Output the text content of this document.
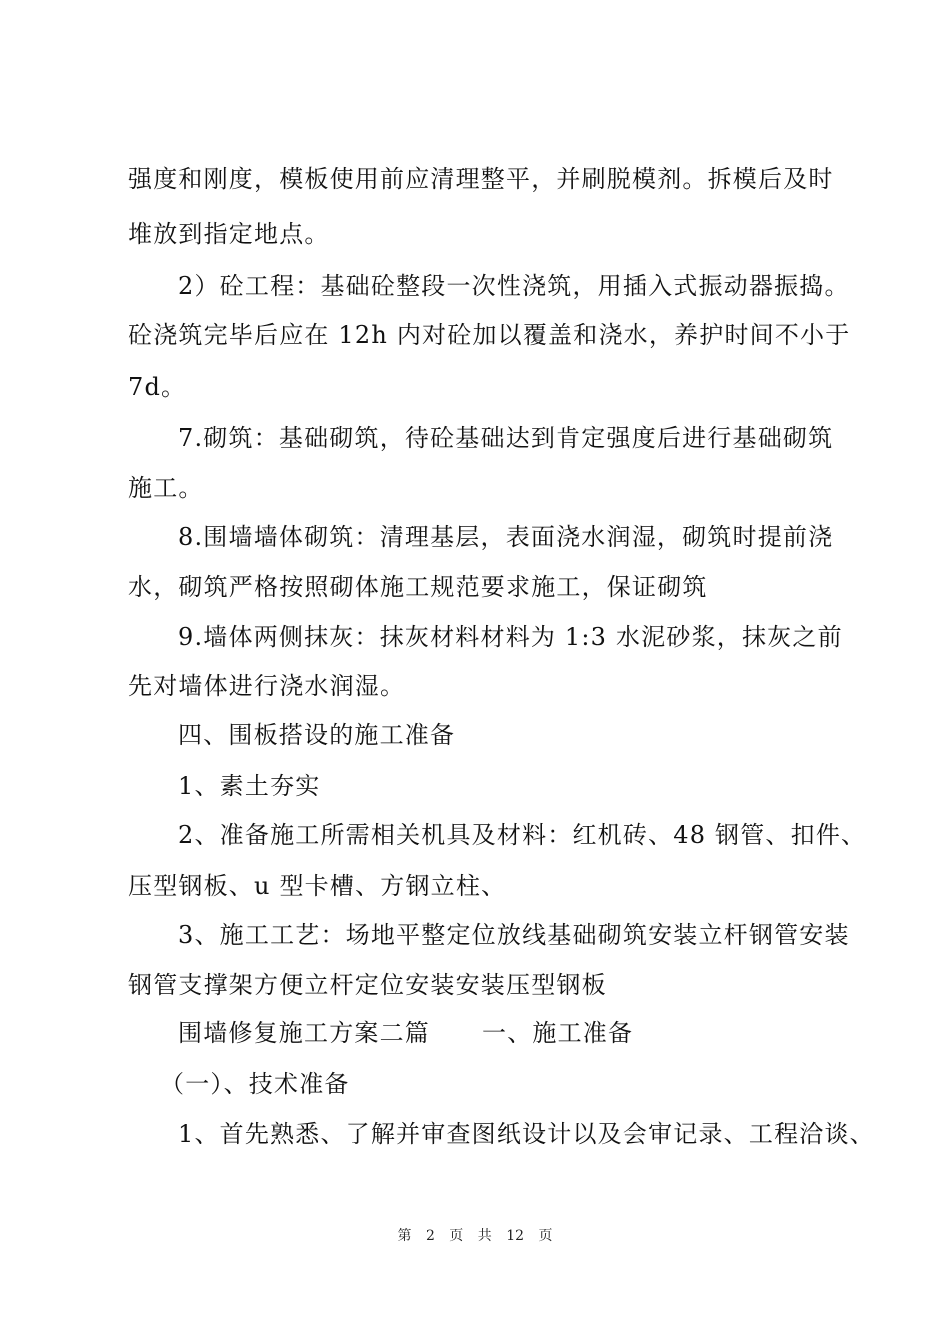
强度和刚度，模板使用前应清理整平，并刷脱模剂。拆模后及时
堆放到指定地点。
2）砼工程：基础砼整段一次性浇筑，用插入式振动器振捣。
砼浇筑完毕后应在 12h 内对砼加以覆盖和浇水，养护时间不小于
7d。
7.砌筑：基础砌筑，待砼基础达到肯定强度后进行基础砌筑
施工。
8.围墙墙体砌筑：清理基层，表面浇水润湿，砌筑时提前浇
水，砌筑严格按照砌体施工规范要求施工，保证砌筑
9.墙体两侧抹灰：抹灰材料材料为 1:3 水泥砂浆，抹灰之前
先对墙体进行浇水润湿。
四、围板搭设的施工准备
1、素土夯实
2、准备施工所需相关机具及材料：红机砖、48 钢管、扣件、
压型钢板、u 型卡槽、方钢立柱、
3、施工工艺：场地平整定位放线基础砌筑安装立杆钢管安装
钢管支撑架方便立杆定位安装安装压型钢板
围墙修复施工方案二篇 一、施工准备
（一）、技术准备
1、首先熟悉、了解并审查图纸设计以及会审记录、工程洽谈、
第 2 页 共 12 页
